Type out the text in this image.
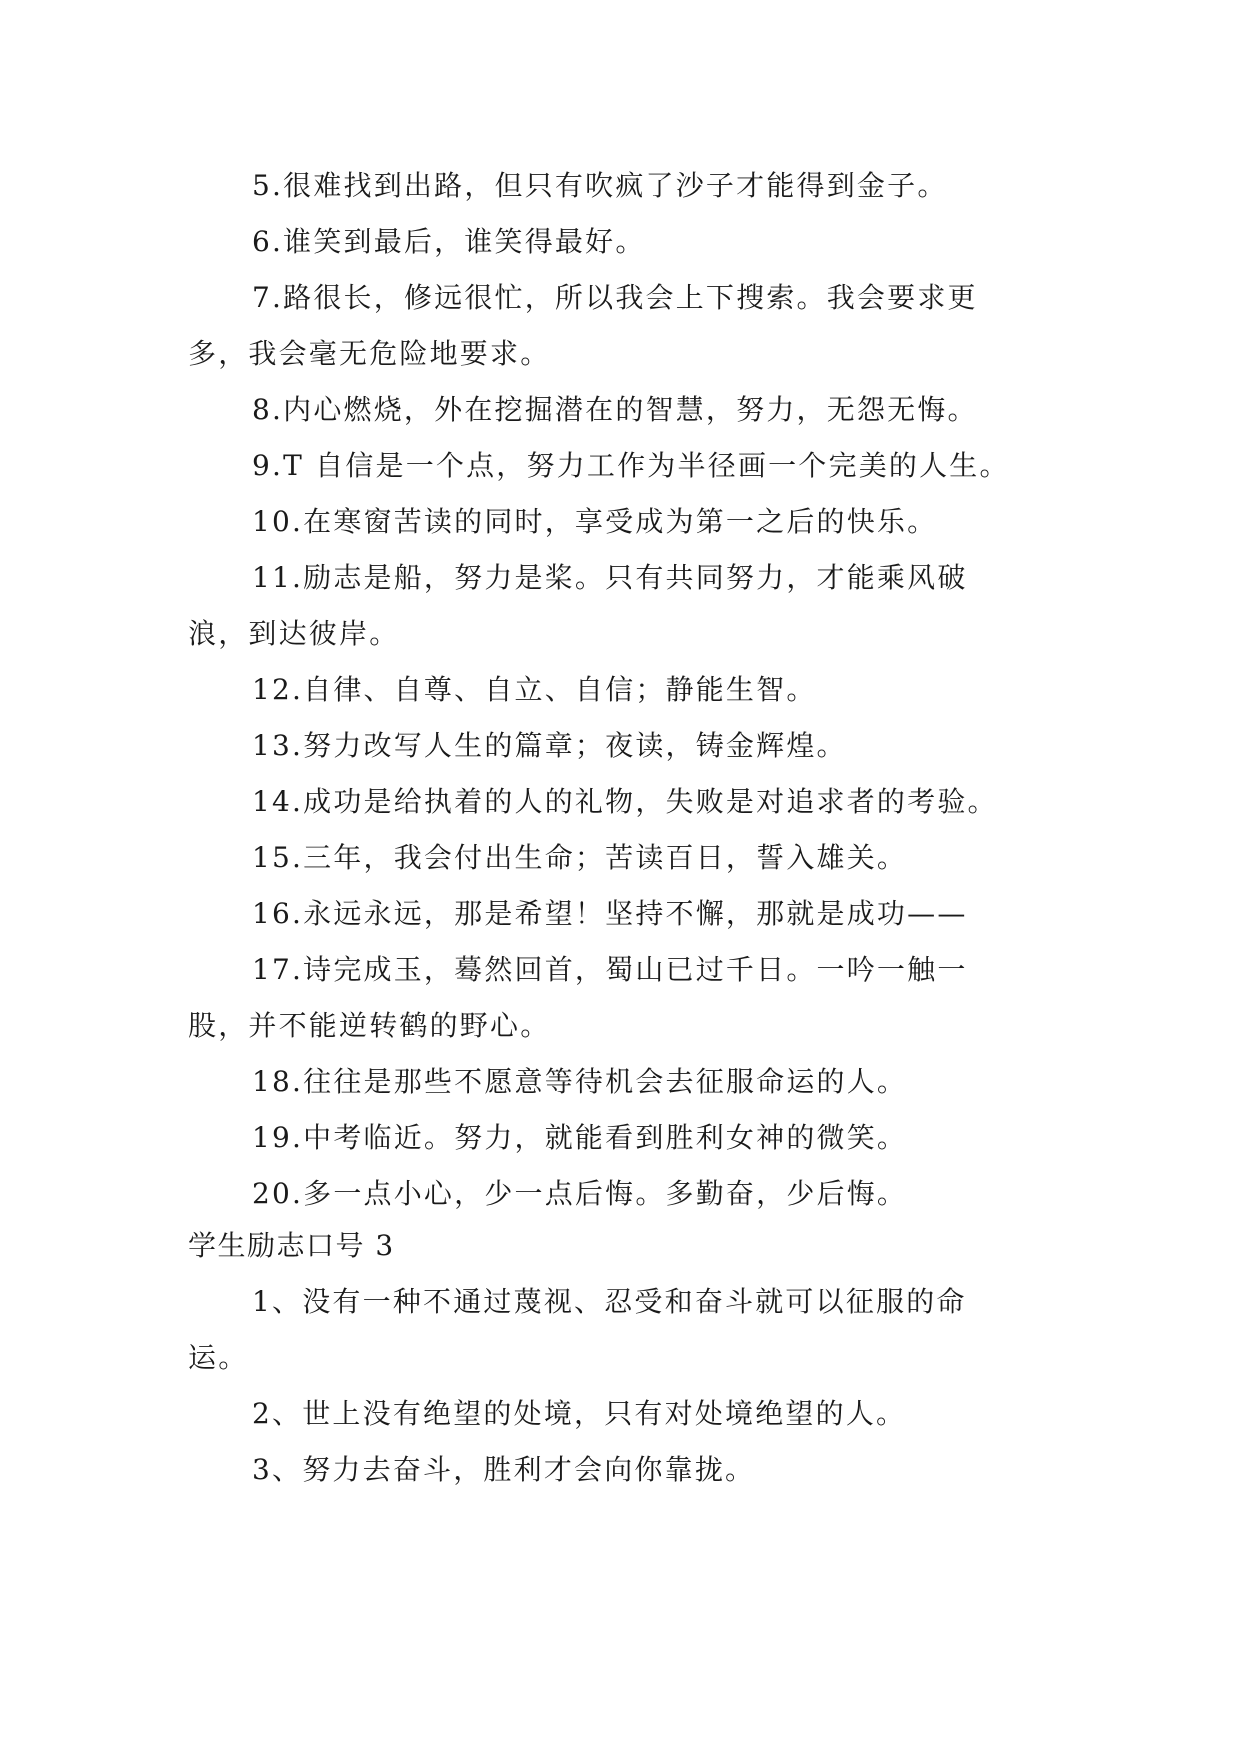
5.很难找到出路，但只有吹疯了沙子才能得到金子。
6.谁笑到最后，谁笑得最好。
7.路很长，修远很忙，所以我会上下搜索。我会要求更
多，我会毫无危险地要求。
8.内心燃烧，外在挖掘潜在的智慧，努力，无怨无悔。
9.T 自信是一个点，努力工作为半径画一个完美的人生。
10.在寒窗苦读的同时，享受成为第一之后的快乐。
11.励志是船，努力是桨。只有共同努力，才能乘风破
浪，到达彼岸。
12.自律、自尊、自立、自信；静能生智。
13.努力改写人生的篇章；夜读，铸金辉煌。
14.成功是给执着的人的礼物，失败是对追求者的考验。
15.三年，我会付出生命；苦读百日，誓入雄关。
16.永远永远，那是希望！坚持不懈，那就是成功——
17.诗完成玉，蓦然回首，蜀山已过千日。一吟一触一
股，并不能逆转鹤的野心。
18.往往是那些不愿意等待机会去征服命运的人。
19.中考临近。努力，就能看到胜利女神的微笑。
20.多一点小心，少一点后悔。多勤奋，少后悔。
学生励志口号 3
1、没有一种不通过蔑视、忍受和奋斗就可以征服的命
运。
2、世上没有绝望的处境，只有对处境绝望的人。
3、努力去奋斗，胜利才会向你靠拢。
